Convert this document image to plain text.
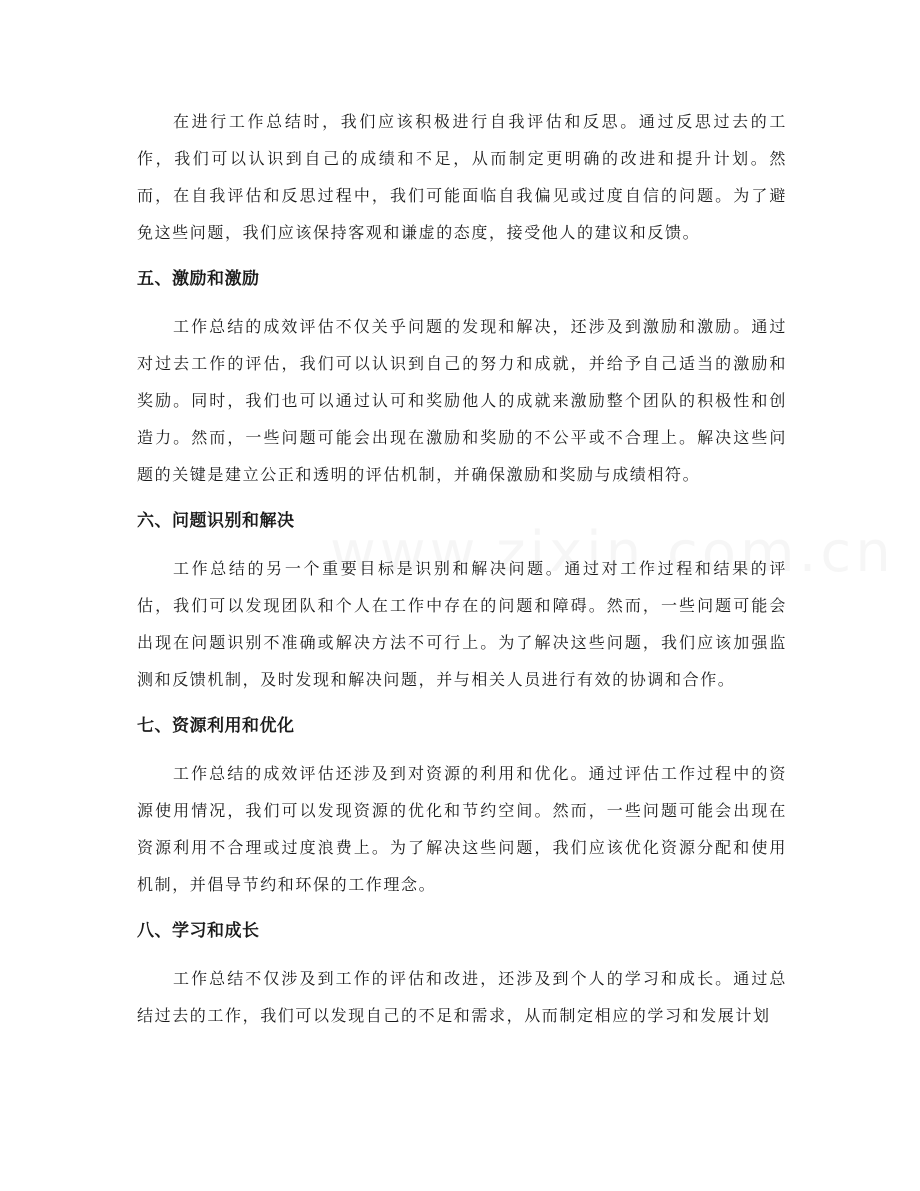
在进行工作总结时，我们应该积极进行自我评估和反思。通过反思过去的工作，我们可以认识到自己的成绩和不足，从而制定更明确的改进和提升计划。然而，在自我评估和反思过程中，我们可能面临自我偏见或过度自信的问题。为了避免这些问题，我们应该保持客观和谦虚的态度，接受他人的建议和反馈。

五、激励和激励

工作总结的成效评估不仅关乎问题的发现和解决，还涉及到激励和激励。通过对过去工作的评估，我们可以认识到自己的努力和成就，并给予自己适当的激励和奖励。同时，我们也可以通过认可和奖励他人的成就来激励整个团队的积极性和创造力。然而，一些问题可能会出现在激励和奖励的不公平或不合理上。解决这些问题的关键是建立公正和透明的评估机制，并确保激励和奖励与成绩相符。

六、问题识别和解决

工作总结的另一个重要目标是识别和解决问题。通过对工作过程和结果的评估，我们可以发现团队和个人在工作中存在的问题和障碍。然而，一些问题可能会出现在问题识别不准确或解决方法不可行上。为了解决这些问题，我们应该加强监测和反馈机制，及时发现和解决问题，并与相关人员进行有效的协调和合作。

七、资源利用和优化

工作总结的成效评估还涉及到对资源的利用和优化。通过评估工作过程中的资源使用情况，我们可以发现资源的优化和节约空间。然而，一些问题可能会出现在资源利用不合理或过度浪费上。为了解决这些问题，我们应该优化资源分配和使用机制，并倡导节约和环保的工作理念。

八、学习和成长

工作总结不仅涉及到工作的评估和改进，还涉及到个人的学习和成长。通过总结过去的工作，我们可以发现自己的不足和需求，从而制定相应的学习和发展计划
